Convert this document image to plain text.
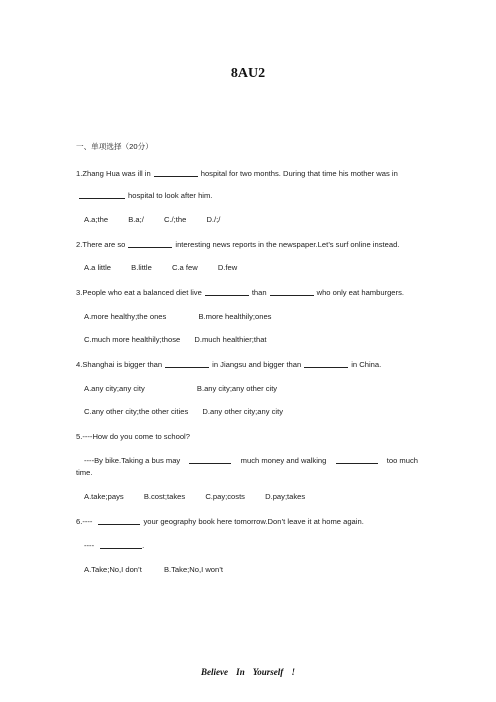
8AU2
一、单项选择（20分）
1.Zhang Hua was ill in	hospital for two months. During that time his mother was in
hospital to look after him.
A.a;the	B.a;/	C./;the	D./;/
2.There are so	interesting news reports in the newspaper.Let’s surf online instead.
A.a little	B.little	C.a few	D.few
3.People who eat a balanced diet live	than	who only eat hamburgers.
A.more healthy;the ones	B.more healthily;ones
C.much more healthily;those D.much healthier;that
4.Shanghai is bigger than	in Jiangsu and bigger than	in China.
A.any city;any city	B.any city;any other city
C.any other city;the other cities D.any other city;any city
5.----How do you come to school?
----By bike.Taking a bus may	much money and walking	too much
time.
A.take;pays	B.cost;takes	C.pay;costs	D.pay;takes
6.----	your geography book here tomorrow.Don’t leave it at home again.
----	.
A.Take;No,I don’t	B.Take;No,I won’t
Believe In Yourself !
